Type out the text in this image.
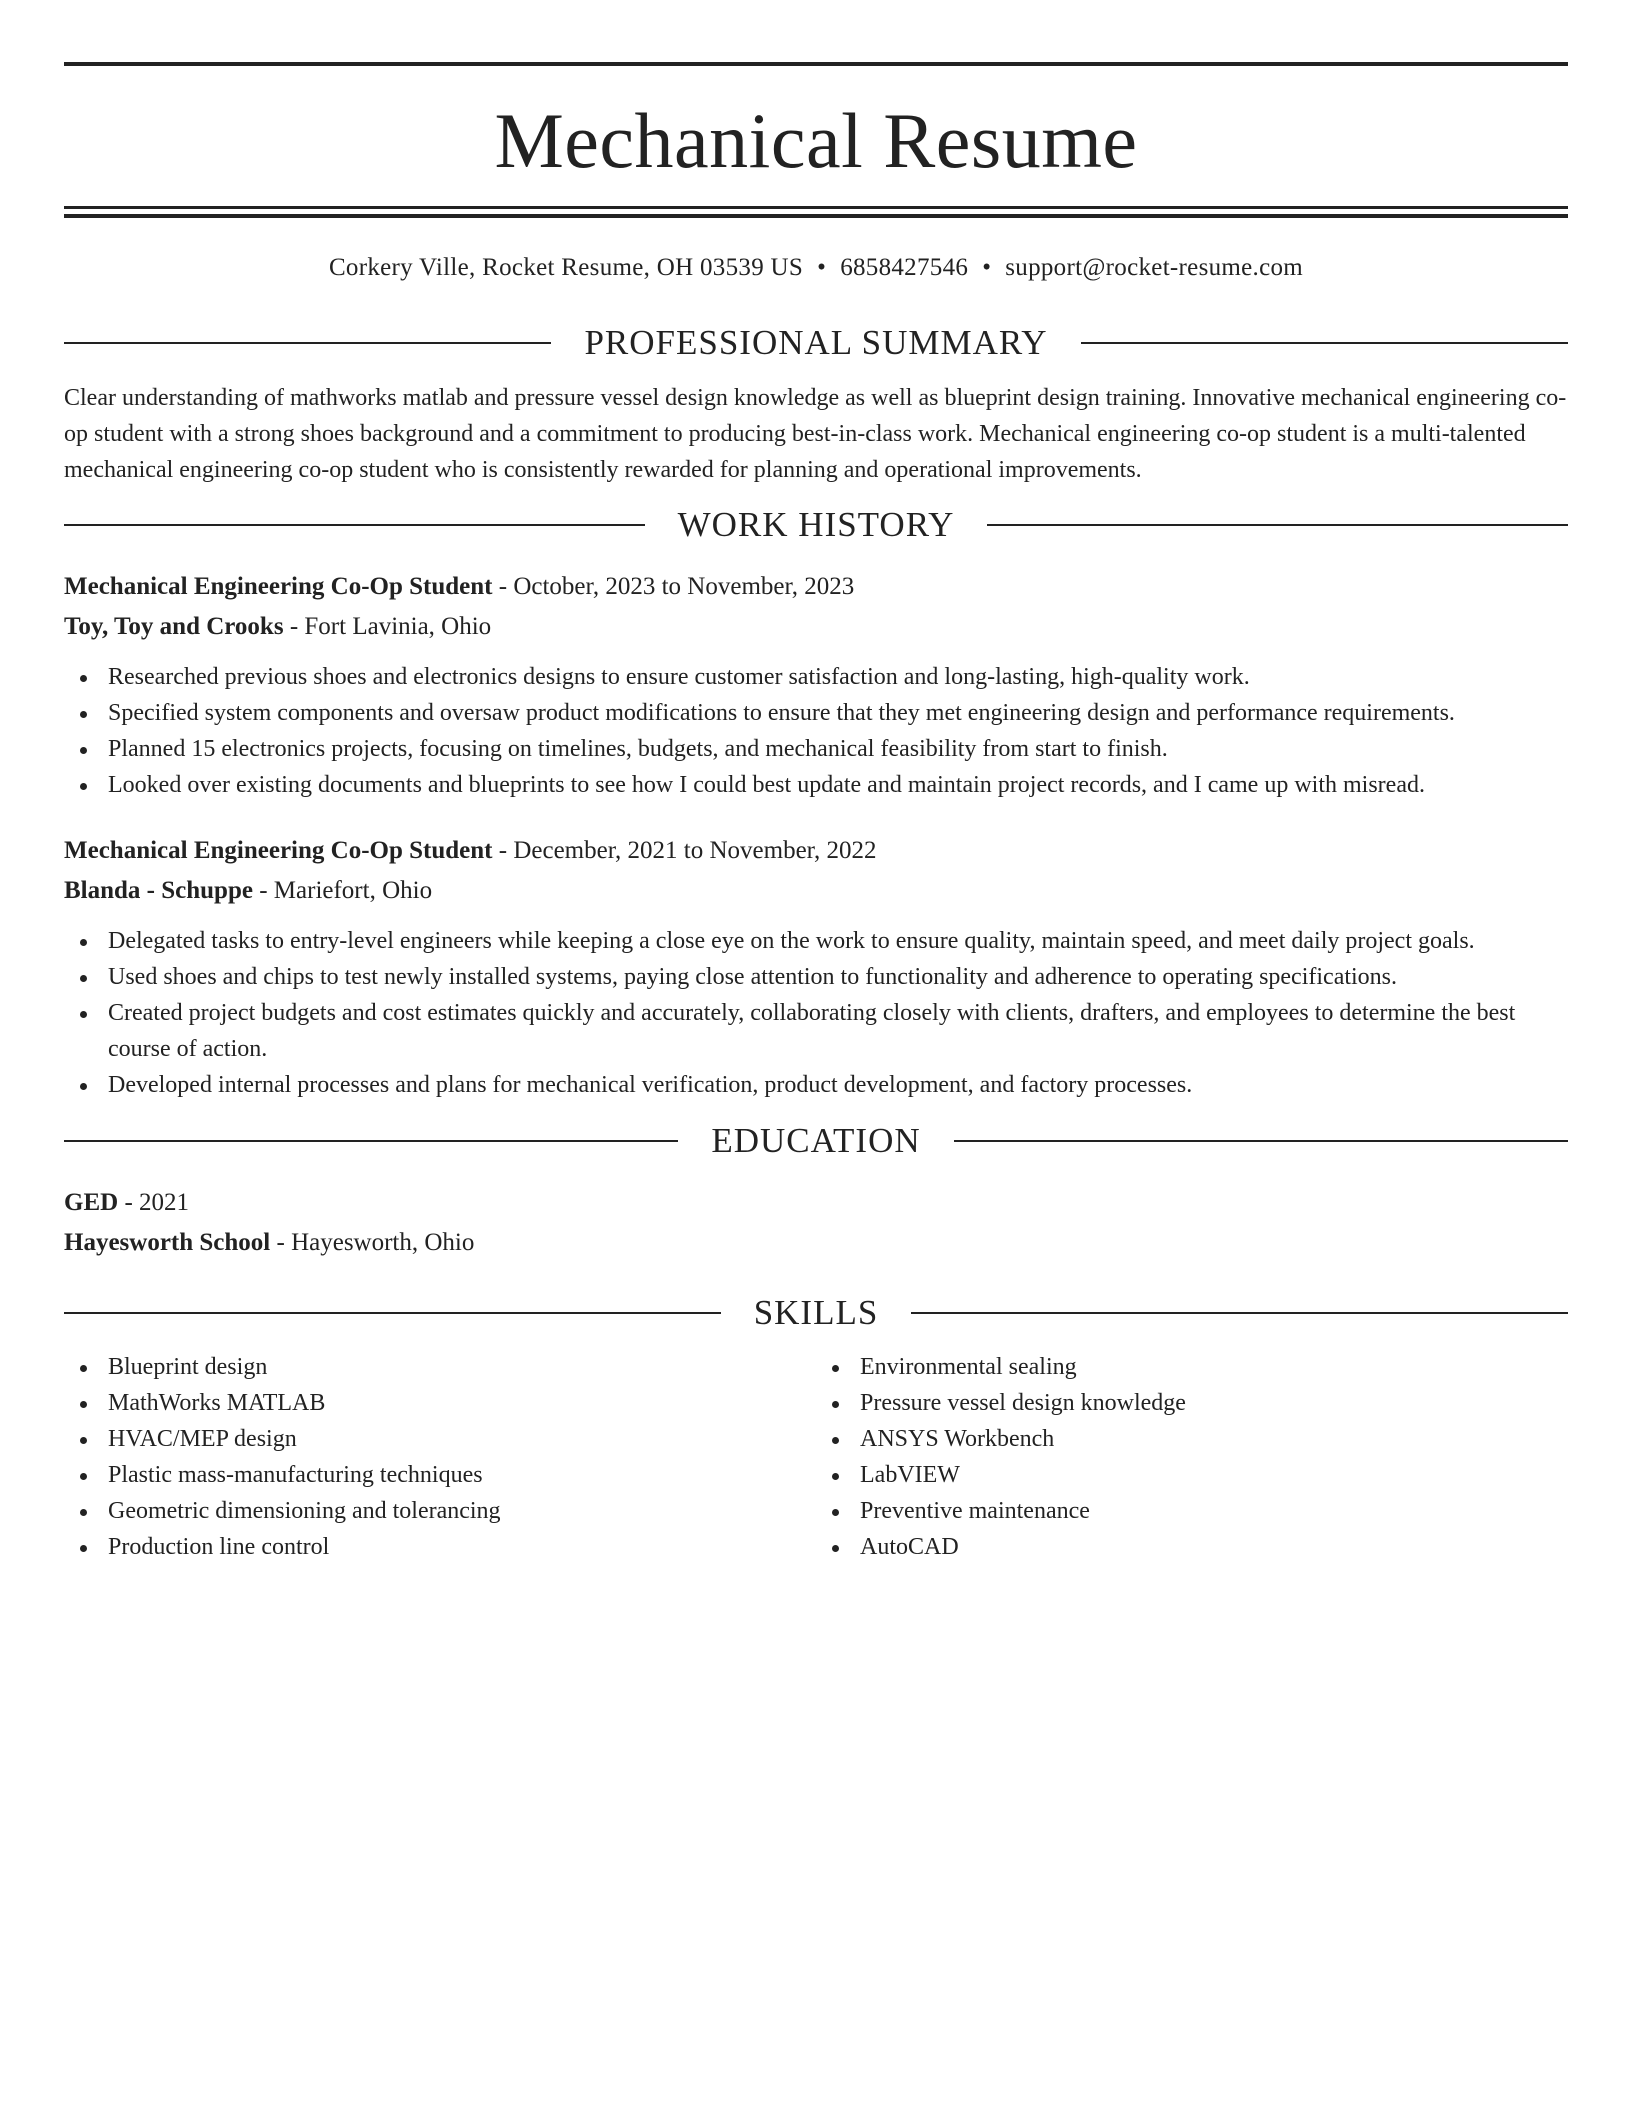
Mechanical Resume
Corkery Ville, Rocket Resume, OH 03539 US • 6858427546 • support@rocket-resume.com
PROFESSIONAL SUMMARY

Clear understanding of mathworks matlab and pressure vessel design knowledge as well as blueprint design training. Innovative mechanical engineering co-op student with a strong shoes background and a commitment to producing best-in-class work. Mechanical engineering co-op student is a multi-talented mechanical engineering co-op student who is consistently rewarded for planning and operational improvements.

WORK HISTORY
Mechanical Engineering Co-Op Student - October, 2023 to November, 2023
Toy, Toy and Crooks - Fort Lavinia, Ohio
Researched previous shoes and electronics designs to ensure customer satisfaction and long-lasting, high-quality work.
Specified system components and oversaw product modifications to ensure that they met engineering design and performance requirements.
Planned 15 electronics projects, focusing on timelines, budgets, and mechanical feasibility from start to finish.
Looked over existing documents and blueprints to see how I could best update and maintain project records, and I came up with misread.
Mechanical Engineering Co-Op Student - December, 2021 to November, 2022
Blanda - Schuppe - Mariefort, Ohio
Delegated tasks to entry-level engineers while keeping a close eye on the work to ensure quality, maintain speed, and meet daily project goals.
Used shoes and chips to test newly installed systems, paying close attention to functionality and adherence to operating specifications.
Created project budgets and cost estimates quickly and accurately, collaborating closely with clients, drafters, and employees to determine the best course of action.
Developed internal processes and plans for mechanical verification, product development, and factory processes.
EDUCATION
GED - 2021
Hayesworth School - Hayesworth, Ohio
SKILLS
Blueprint design
MathWorks MATLAB
HVAC/MEP design
Plastic mass-manufacturing techniques
Geometric dimensioning and tolerancing
Production line control
Environmental sealing
Pressure vessel design knowledge
ANSYS Workbench
LabVIEW
Preventive maintenance
AutoCAD
